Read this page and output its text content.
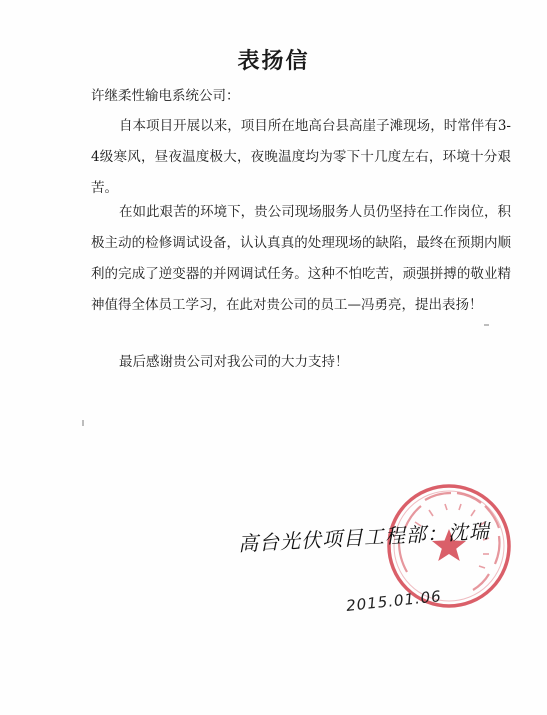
表扬信
许继柔性输电系统公司：

自本项目开展以来，项目所在地高台县高崖子滩现场，时常伴有3-4级寒风，昼夜温度极大，夜晚温度均为零下十几度左右，环境十分艰苦。

在如此艰苦的环境下，贵公司现场服务人员仍坚持在工作岗位，积极主动的检修调试设备，认认真真的处理现场的缺陷，最终在预期内顺利的完成了逆变器的并网调试任务。这种不怕吃苦，顽强拼搏的敬业精神值得全体员工学习，在此对贵公司的员工—冯勇亮，提出表扬！

最后感谢贵公司对我公司的大力支持！

高台光伏项目工程部：沈瑞
2015.01.06
